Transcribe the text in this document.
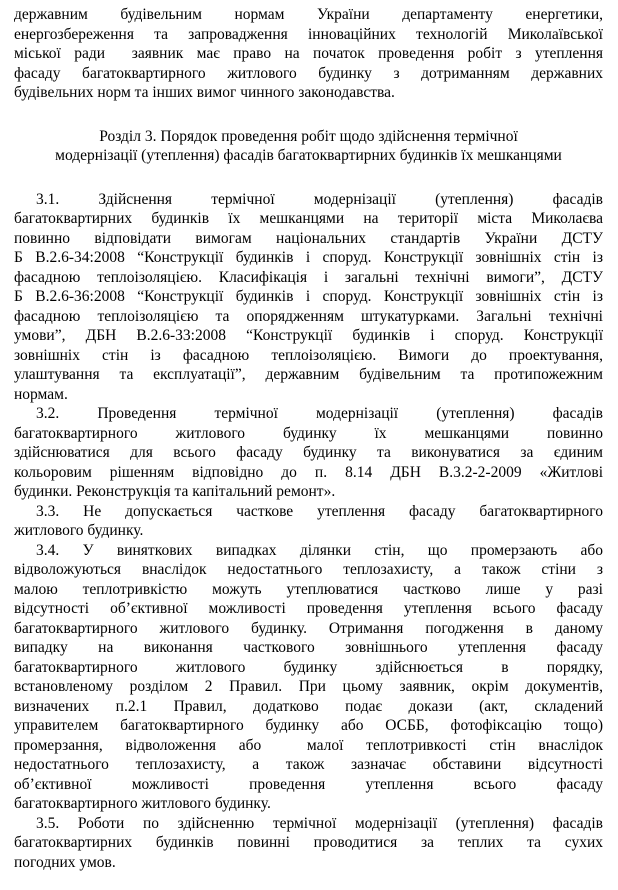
державним будівельним нормам України департаменту енергетики,
енергозбереження та запровадження інноваційних технологій Миколаївської
міської ради  заявник має право на початок проведення робіт з утеплення
фасаду багатоквартирного житлового будинку з дотриманням державних
будівельних норм та інших вимог чинного законодавства.
Розділ 3. Порядок проведення робіт щодо здійснення термічної
модернізації (утеплення) фасадів багатоквартирних будинків їх мешканцями
3.1. Здійснення термічної модернізації (утеплення) фасадів
багатоквартирних будинків їх мешканцями на території міста Миколаєва
повинно відповідати вимогам національних стандартів України ДСТУ
Б В.2.6-34:2008 “Конструкції будинків і споруд. Конструкції зовнішніх стін із
фасадною теплоізоляцією. Класифікація і загальні технічні вимоги”, ДСТУ
Б В.2.6-36:2008 “Конструкції будинків і споруд. Конструкції зовнішніх стін із
фасадною теплоізоляцією та опорядженням штукатурками. Загальні технічні
умови”, ДБН В.2.6-33:2008 “Конструкції будинків і споруд. Конструкції
зовнішніх стін із фасадною теплоізоляцією. Вимоги до проектування,
улаштування та експлуатації”, державним будівельним та протипожежним
нормам.
3.2. Проведення термічної модернізації (утеплення) фасадів
багатоквартирного житлового будинку їх мешканцями повинно
здійснюватися для всього фасаду будинку та виконуватися за єдиним
кольоровим рішенням відповідно до п. 8.14 ДБН В.3.2-2-2009 «Житлові
будинки. Реконструкція та капітальний ремонт».
3.3. Не допускається часткове утеплення фасаду багатоквартирного
житлового будинку.
3.4. У виняткових випадках ділянки стін, що промерзають або
відволожуються внаслідок недостатнього теплозахисту, а також стіни з
малою теплотривкістю можуть утеплюватися частково лише у разі
відсутності об’єктивної можливості проведення утеплення всього фасаду
багатоквартирного житлового будинку. Отримання погодження в даному
випадку на виконання часткового зовнішнього утеплення фасаду
багатоквартирного житлового будинку здійснюється в порядку,
встановленому розділом 2 Правил. При цьому заявник, окрім документів,
визначених п.2.1 Правил, додатково подає докази (акт, складений
управителем багатоквартирного будинку або ОСББ, фотофіксацію тощо)
промерзання, відволоження або  малої теплотривкості стін внаслідок
недостатнього теплозахисту, а також зазначає обставини відсутності
об’єктивної можливості проведення утеплення всього фасаду
багатоквартирного житлового будинку.
3.5. Роботи по здійсненню термічної модернізації (утеплення) фасадів
багатоквартирних будинків повинні проводитися за теплих та сухих
погодних умов.
